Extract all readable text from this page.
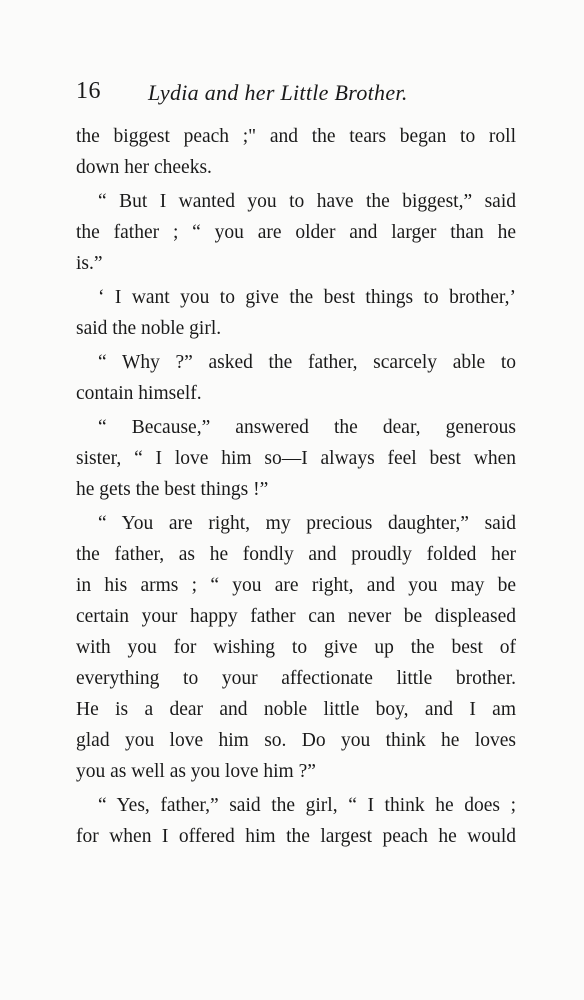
16 Lydia and her Little Brother.
the biggest peach ;" and the tears began to roll
down her cheeks.
“ But I wanted you to have the biggest,” said
the father ; “ you are older and larger than he
is.”
‘ I want you to give the best things to brother,’
said the noble girl.
“ Why ?” asked the father, scarcely able to
contain himself.
“ Because,” answered the dear, generous
sister, “ I love him so—I always feel best when
he gets the best things !”
“ You are right, my precious daughter,” said
the father, as he fondly and proudly folded her
in his arms ; “ you are right, and you may be
certain your happy father can never be displeased
with you for wishing to give up the best of
everything to your affectionate little brother.
He is a dear and noble little boy, and I am
glad you love him so. Do you think he loves
you as well as you love him ?”
“ Yes, father,” said the girl, “ I think he does ;
for when I offered him the largest peach he would
